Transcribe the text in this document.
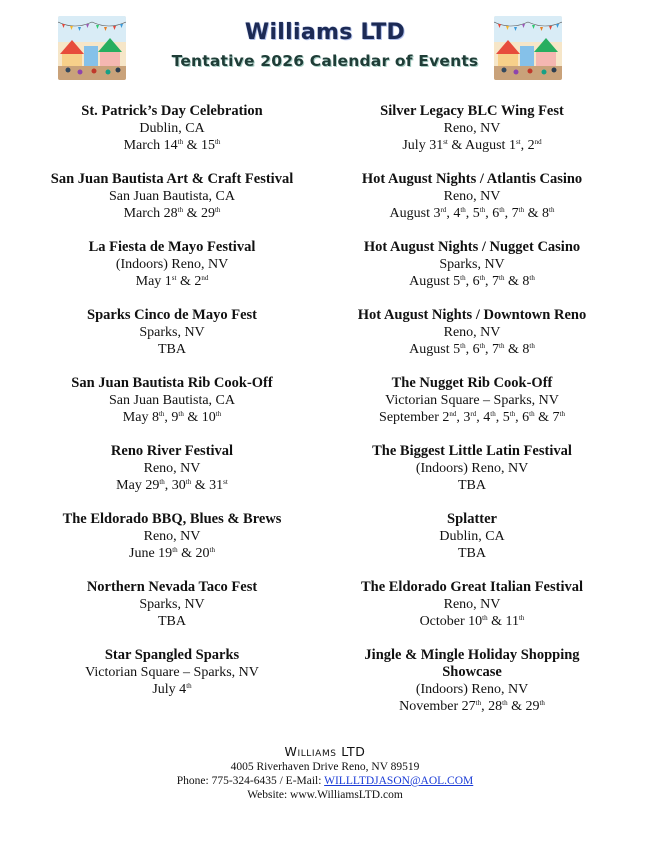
Williams LTD
Tentative 2026 Calendar of Events
St. Patrick’s Day Celebration
Dublin, CA
March 14th & 15th
San Juan Bautista Art & Craft Festival
San Juan Bautista, CA
March 28th & 29th
La Fiesta de Mayo Festival
(Indoors) Reno, NV
May 1st & 2nd
Sparks Cinco de Mayo Fest
Sparks, NV
TBA
San Juan Bautista Rib Cook-Off
San Juan Bautista, CA
May 8th, 9th & 10th
Reno River Festival
Reno, NV
May 29th, 30th & 31st
The Eldorado BBQ, Blues & Brews
Reno, NV
June 19th & 20th
Northern Nevada Taco Fest
Sparks, NV
TBA
Star Spangled Sparks
Victorian Square – Sparks, NV
July 4th
Silver Legacy BLC Wing Fest
Reno, NV
July 31st & August 1st, 2nd
Hot August Nights / Atlantis Casino
Reno, NV
August 3rd, 4th, 5th, 6th, 7th & 8th
Hot August Nights / Nugget Casino
Sparks, NV
August 5th, 6th, 7th & 8th
Hot August Nights / Downtown Reno
Reno, NV
August 5th, 6th, 7th & 8th
The Nugget Rib Cook-Off
Victorian Square – Sparks, NV
September 2nd, 3rd, 4th, 5th, 6th & 7th
The Biggest Little Latin Festival
(Indoors) Reno, NV
TBA
Splatter
Dublin, CA
TBA
The Eldorado Great Italian Festival
Reno, NV
October 10th & 11th
Jingle & Mingle Holiday Shopping Showcase
(Indoors) Reno, NV
November 27th, 28th & 29th
Williams LTD
4005 Riverhaven Drive Reno, NV 89519
Phone: 775-324-6435 / E-Mail: WILLLTDJASON@AOL.COM
Website: www.WilliamsLTD.com
